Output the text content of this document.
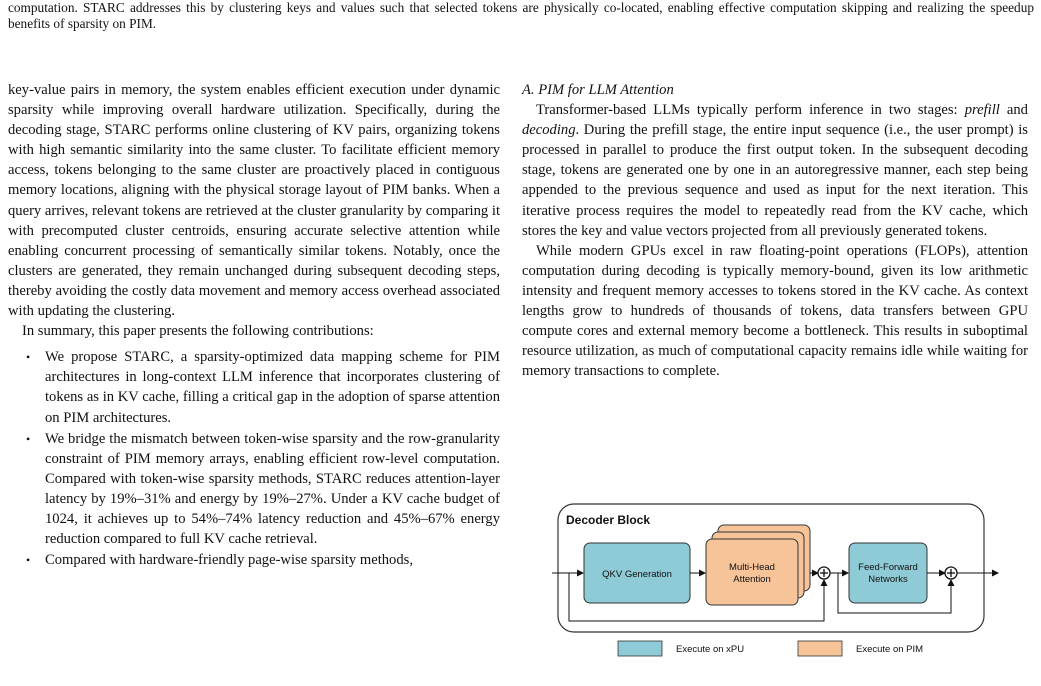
computation. STARC addresses this by clustering keys and values such that selected tokens are physically co-located, enabling effective computation skipping and realizing the speedup benefits of sparsity on PIM.

key-value pairs in memory, the system enables efficient execution under dynamic sparsity while improving overall hardware utilization. Specifically, during the decoding stage, STARC performs online clustering of KV pairs, organizing tokens with high semantic similarity into the same cluster. To facilitate efficient memory access, tokens belonging to the same cluster are proactively placed in contiguous memory locations, aligning with the physical storage layout of PIM banks. When a query arrives, relevant tokens are retrieved at the cluster granularity by comparing it with precomputed cluster centroids, ensuring accurate selective attention while enabling concurrent processing of semantically similar tokens. Notably, once the clusters are generated, they remain unchanged during subsequent decoding steps, thereby avoiding the costly data movement and memory access overhead associated with updating the clustering.

In summary, this paper presents the following contributions:

• We propose STARC, a sparsity-optimized data mapping scheme for PIM architectures in long-context LLM inference that incorporates clustering of tokens as in KV cache, filling a critical gap in the adoption of sparse attention on PIM architectures.
• We bridge the mismatch between token-wise sparsity and the row-granularity constraint of PIM memory arrays, enabling efficient row-level computation. Compared with token-wise sparsity methods, STARC reduces attention-layer latency by 19%–31% and energy by 19%–27%. Under a KV cache budget of 1024, it achieves up to 54%–74% latency reduction and 45%–67% energy reduction compared to full KV cache retrieval.
• Compared with hardware-friendly page-wise sparsity methods,

A. PIM for LLM Attention

Transformer-based LLMs typically perform inference in two stages: prefill and decoding. During the prefill stage, the entire input sequence (i.e., the user prompt) is processed in parallel to produce the first output token. In the subsequent decoding stage, tokens are generated one by one in an autoregressive manner, each step being appended to the previous sequence and used as input for the next iteration. This iterative process requires the model to repeatedly read from the KV cache, which stores the key and value vectors projected from all previously generated tokens.

While modern GPUs excel in raw floating-point operations (FLOPs), attention computation during decoding is typically memory-bound, given its low arithmetic intensity and frequent memory accesses to tokens stored in the KV cache. As context lengths grow to hundreds of thousands of tokens, data transfers between GPU compute cores and external memory become a bottleneck. This results in suboptimal resource utilization, as much of computational capacity remains idle while waiting for memory transactions to complete.

Decoder Block
QKV Generation
Multi-Head
Attention
Feed-Forward
Networks
Execute on xPU	Execute on PIM
